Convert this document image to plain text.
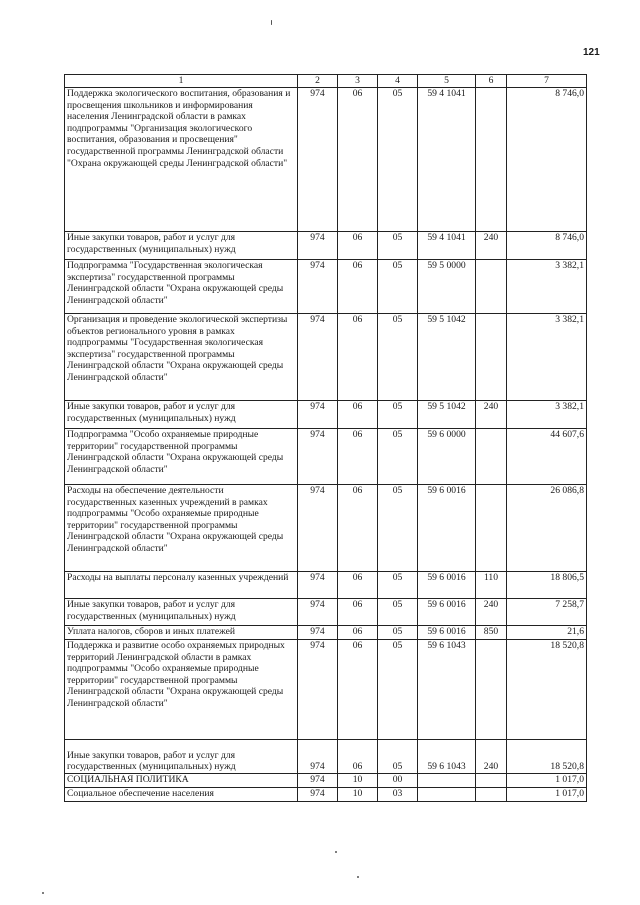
121
1	2	3	4	5	6	7
Поддержка экологического воспитания, образования и просвещения школьников и информирования населения Ленинградской области в рамках подпрограммы "Организация экологического воспитания, образования и просвещения" государственной программы Ленинградской области "Охрана окружающей среды Ленинградской области"	974	06	05	59 4 1041		8 746,0
Иные закупки товаров, работ и услуг для государственных (муниципальных) нужд	974	06	05	59 4 1041	240	8 746,0
Подпрограмма "Государственная экологическая экспертиза" государственной программы Ленинградской области "Охрана окружающей среды Ленинградской области"	974	06	05	59 5 0000		3 382,1
Организация и проведение экологической экспертизы объектов регионального уровня в рамках подпрограммы "Государственная экологическая экспертиза" государственной программы Ленинградской области "Охрана окружающей среды Ленинградской области"	974	06	05	59 5 1042		3 382,1
Иные закупки товаров, работ и услуг для государственных (муниципальных) нужд	974	06	05	59 5 1042	240	3 382,1
Подпрограмма "Особо охраняемые природные территории" государственной программы Ленинградской области "Охрана окружающей среды Ленинградской области"	974	06	05	59 6 0000		44 607,6
Расходы на обеспечение деятельности государственных казенных учреждений в рамках подпрограммы "Особо охраняемые природные территории" государственной программы Ленинградской области "Охрана окружающей среды Ленинградской области"	974	06	05	59 6 0016		26 086,8
Расходы на выплаты персоналу казенных учреждений	974	06	05	59 6 0016	110	18 806,5
Иные закупки товаров, работ и услуг для государственных (муниципальных) нужд	974	06	05	59 6 0016	240	7 258,7
Уплата налогов, сборов и иных платежей	974	06	05	59 6 0016	850	21,6
Поддержка и развитие особо охраняемых природных территорий Ленинградской области в рамках подпрограммы "Особо охраняемые природные территории" государственной программы Ленинградской области "Охрана окружающей среды Ленинградской области"	974	06	05	59 6 1043		18 520,8
Иные закупки товаров, работ и услуг для государственных (муниципальных) нужд	974	06	05	59 6 1043	240	18 520,8
СОЦИАЛЬНАЯ ПОЛИТИКА	974	10	00			1 017,0
Социальное обеспечение населения	974	10	03			1 017,0
